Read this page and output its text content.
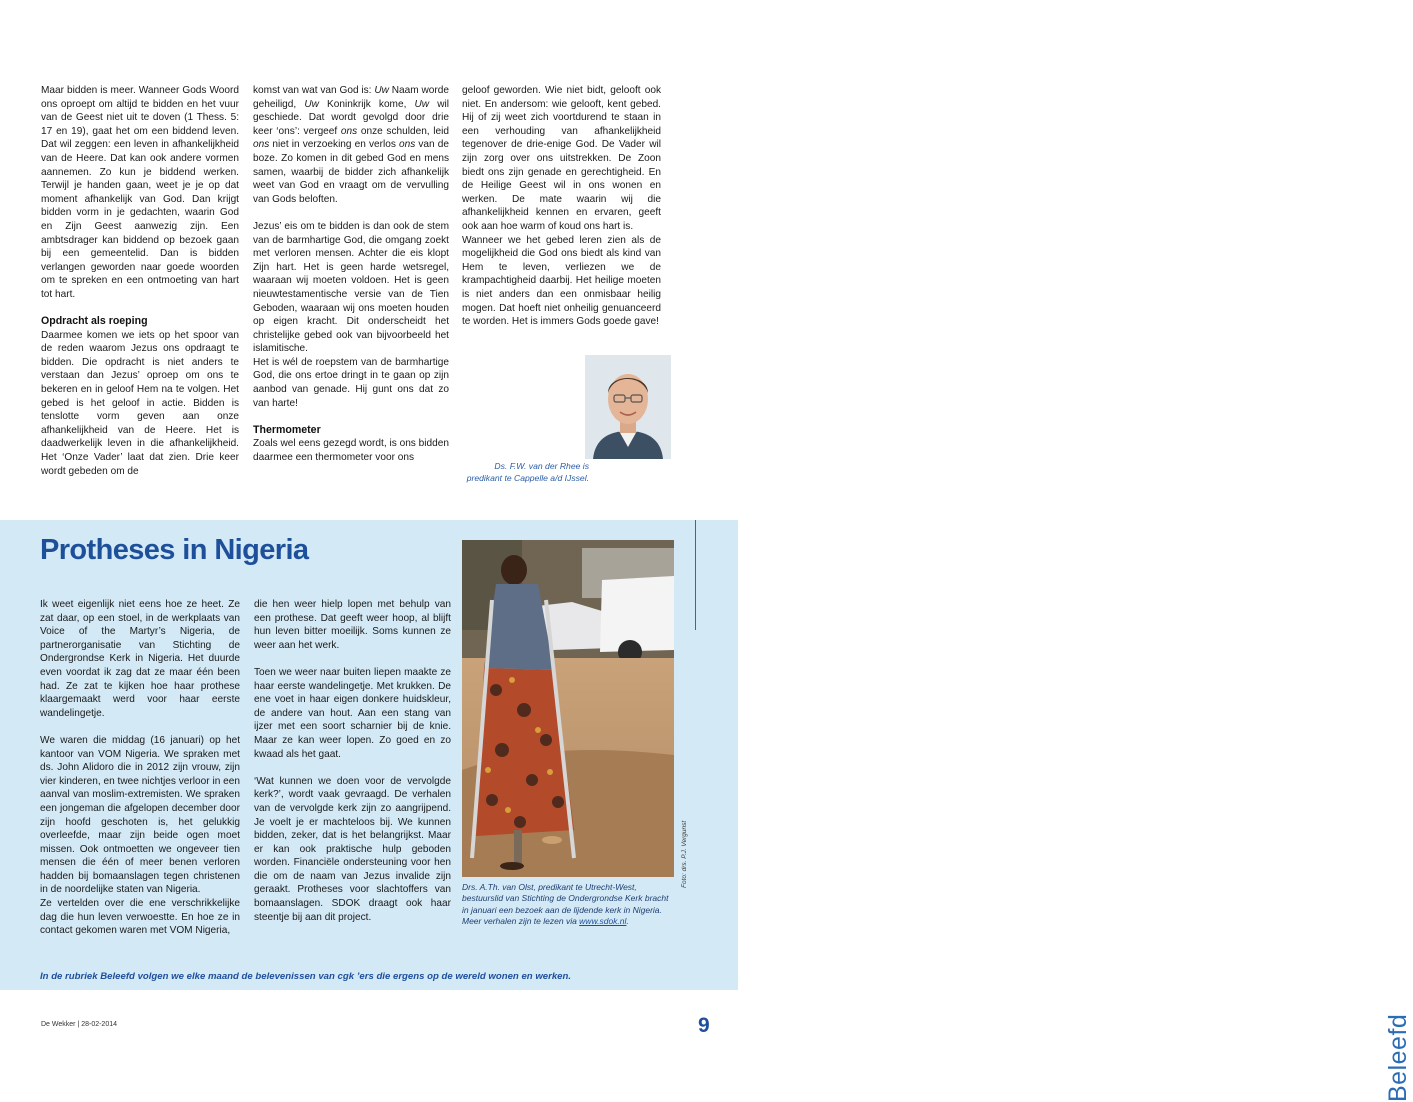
Maar bidden is meer. Wanneer Gods Woord ons oproept om altijd te bidden en het vuur van de Geest niet uit te doven (1 Thess. 5: 17 en 19), gaat het om een biddend leven. Dat wil zeggen: een leven in afhankelijkheid van de Heere. Dat kan ook andere vormen aannemen. Zo kun je biddend werken. Terwijl je handen gaan, weet je je op dat moment afhankelijk van God. Dan krijgt bidden vorm in je gedachten, waarin God en Zijn Geest aanwezig zijn. Een ambtsdrager kan biddend op bezoek gaan bij een gemeentelid. Dan is bidden verlangen geworden naar goede woorden om te spreken en een ontmoeting van hart tot hart.

Opdracht als roeping

Daarmee komen we iets op het spoor van de reden waarom Jezus ons opdraagt te bidden. Die opdracht is niet anders te verstaan dan Jezus’ oproep om ons te bekeren en in geloof Hem na te volgen. Het gebed is het geloof in actie. Bidden is tenslotte vorm geven aan onze afhankelijkheid van de Heere. Het is daadwerkelijk leven in die afhankelijkheid. Het ‘Onze Vader’ laat dat zien. Drie keer wordt gebeden om de

komst van wat van God is: Uw Naam worde geheiligd, Uw Koninkrijk kome, Uw wil geschiede. Dat wordt gevolgd door drie keer ‘ons’: vergeef ons onze schulden, leid ons niet in verzoeking en verlos ons van de boze. Zo komen in dit gebed God en mens samen, waarbij de bidder zich afhankelijk weet van God en vraagt om de vervulling van Gods beloften.

Jezus’ eis om te bidden is dan ook de stem van de barmhartige God, die omgang zoekt met verloren mensen. Achter die eis klopt Zijn hart. Het is geen harde wetsregel, waaraan wij moeten voldoen. Het is geen nieuwtestamentische versie van de Tien Geboden, waaraan wij ons moeten houden op eigen kracht. Dit onderscheidt het christelijke gebed ook van bijvoorbeeld het islamitische.

Het is wél de roepstem van de barmhartige God, die ons ertoe dringt in te gaan op zijn aanbod van genade. Hij gunt ons dat zo van harte!

Thermometer

Zoals wel eens gezegd wordt, is ons bidden daarmee een thermometer voor ons

geloof geworden. Wie niet bidt, gelooft ook niet. En andersom: wie gelooft, kent gebed. Hij of zij weet zich voortdurend te staan in een verhouding van afhankelijkheid tegenover de drie-enige God. De Vader wil zijn zorg over ons uitstrekken. De Zoon biedt ons zijn genade en gerechtigheid. En de Heilige Geest wil in ons wonen en werken. De mate waarin wij die afhankelijkheid kennen en ervaren, geeft ook aan hoe warm of koud ons hart is.

Wanneer we het gebed leren zien als de mogelijkheid die God ons biedt als kind van Hem te leven, verliezen we de krampachtigheid daarbij. Het heilige moeten is niet anders dan een onmisbaar heilig mogen. Dat hoeft niet onheilig genuanceerd te worden. Het is immers Gods goede gave!

Ds. F.W. van der Rhee is predikant te Cappelle a/d IJssel.
Beleefd
Protheses in Nigeria

Ik weet eigenlijk niet eens hoe ze heet. Ze zat daar, op een stoel, in de werkplaats van Voice of the Martyr’s Nigeria, de partnerorganisatie van Stichting de Ondergrondse Kerk in Nigeria. Het duurde even voordat ik zag dat ze maar één been had. Ze zat te kijken hoe haar prothese klaargemaakt werd voor haar eerste wandelingetje.

We waren die middag (16 januari) op het kantoor van VOM Nigeria. We spraken met ds. John Alidoro die in 2012 zijn vrouw, zijn vier kinderen, en twee nichtjes verloor in een aanval van moslim-extremisten. We spraken een jongeman die afgelopen december door zijn hoofd geschoten is, het gelukkig overleefde, maar zijn beide ogen moet missen. Ook ontmoetten we ongeveer tien mensen die één of meer benen verloren hadden bij bomaanslagen tegen christenen in de noordelijke staten van Nigeria.

Ze vertelden over die ene verschrikkelijke dag die hun leven verwoestte. En hoe ze in contact gekomen waren met VOM Nigeria,

die hen weer hielp lopen met behulp van een prothese. Dat geeft weer hoop, al blijft hun leven bitter moeilijk. Soms kunnen ze weer aan het werk.

Toen we weer naar buiten liepen maakte ze haar eerste wandelingetje. Met krukken. De ene voet in haar eigen donkere huidskleur, de andere van hout. Aan een stang van ijzer met een soort scharnier bij de knie. Maar ze kan weer lopen. Zo goed en zo kwaad als het gaat.

‘Wat kunnen we doen voor de vervolgde kerk?’, wordt vaak gevraagd. De verhalen van de vervolgde kerk zijn zo aangrijpend. Je voelt je er machteloos bij. We kunnen bidden, zeker, dat is het belangrijkst. Maar er kan ook praktische hulp geboden worden. Financiële ondersteuning voor hen die om de naam van Jezus invalide zijn geraakt. Protheses voor slachtoffers van bomaanslagen. SDOK draagt ook haar steentje bij aan dit project.

Foto: drs. P.J. Vergunst
Drs. A.Th. van Olst, predikant te Utrecht-West, bestuurslid van Stichting de Ondergrondse Kerk bracht in januari een bezoek aan de lijdende kerk in Nigeria.
Meer verhalen zijn te lezen via www.sdok.nl.
In de rubriek Beleefd volgen we elke maand de belevenissen van cgk ’ers die ergens op de wereld wonen en werken.
De Wekker | 28-02-2014	9
